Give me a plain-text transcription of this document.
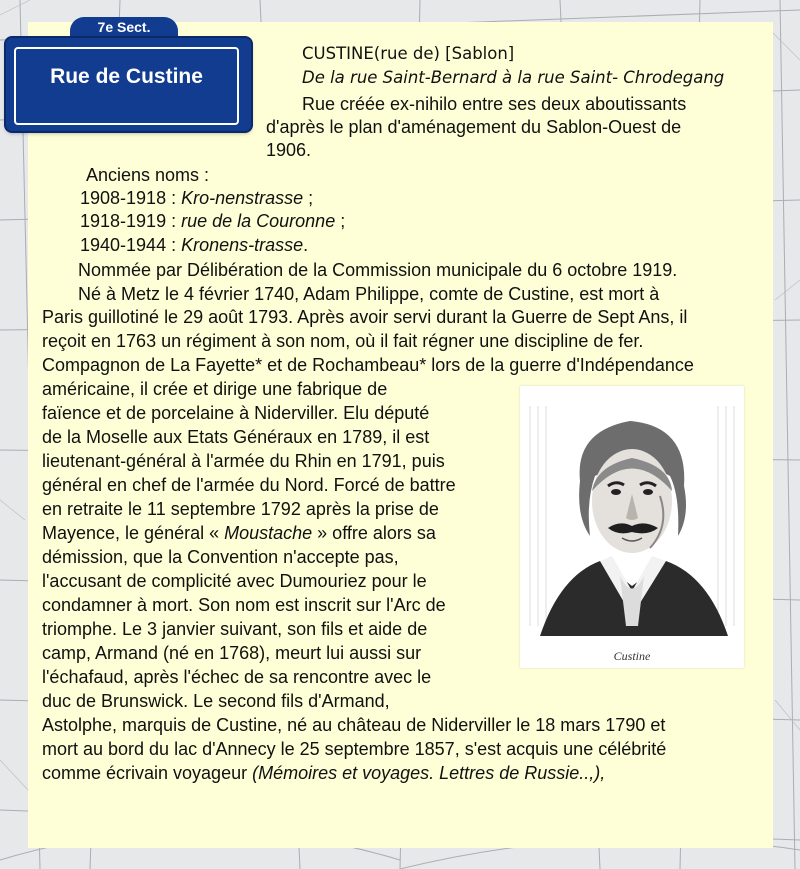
7e Sect.
Rue de Custine

CUSTINE(rue de) [Sablon]

De la rue Saint-Bernard à la rue Saint- Chrodegang

Rue créée ex-nihilo entre ses deux aboutissants

d'après le plan d'aménagement du Sablon-Ouest de

1906.

Anciens noms :

1908-1918 : Kro-nenstrasse ;

1918-1919 : rue de la Couronne ;

1940-1944 : Kronens-trasse.

Nommée par Délibération de la Commission municipale du 6 octobre 1919.

Né à Metz le 4 février 1740, Adam Philippe, comte de Custine, est mort à

Paris guillotiné le 29 août 1793. Après avoir servi durant la Guerre de Sept Ans, il

reçoit en 1763 un régiment à son nom, où il fait régner une discipline de fer.

Compagnon de La Fayette* et de Rochambeau* lors de la guerre d'Indépendance

américaine, il crée et dirige une fabrique de

faïence et de porcelaine à Niderviller. Elu député

de la Moselle aux Etats Généraux en 1789, il est

lieutenant-général à l'armée du Rhin en 1791, puis

général en chef de l'armée du Nord. Forcé de battre

en retraite le 11 septembre 1792 après la prise de

Mayence, le général « Moustache » offre alors sa

démission, que la Convention n'accepte pas,

l'accusant de complicité avec Dumouriez pour le

condamner à mort. Son nom est inscrit sur l'Arc de

triomphe. Le 3 janvier suivant, son fils et aide de

camp, Armand (né en 1768), meurt lui aussi sur

l'échafaud, après l'échec de sa rencontre avec le

duc de Brunswick. Le second fils d'Armand,

Astolphe, marquis de Custine, né au château de Niderviller le 18 mars 1790 et

mort au bord du lac d'Annecy le 25 septembre 1857, s'est acquis une célébrité

comme écrivain voyageur (Mémoires et voyages. Lettres de Russie..,),

Custine
